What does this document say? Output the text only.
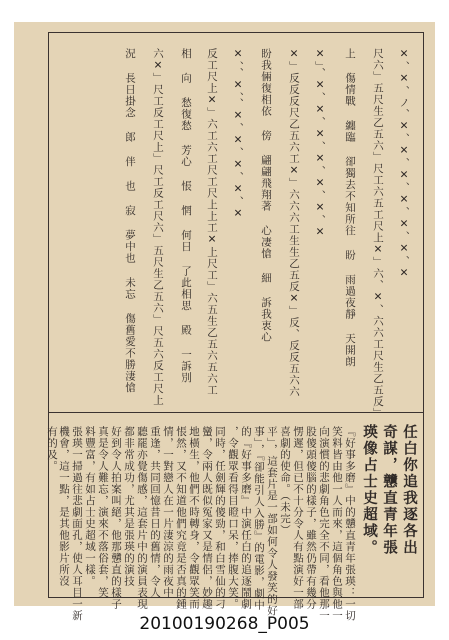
✕、✕、ノ、✕、✕、✕、✕、✕、✕、✕
尺六」五尺生乙五六」尺工六五工尺上✕」六、✕、六六工尺生乙五反」
上 傷情戰 纏臨 卻獨去不知所往 盼 雨過夜靜 天開朗
✕」、✕、✕、✕、✕、✕、✕、✕
✕」反反反尺乙五六工✕」六六六工生生乙五反✕」反、反反五六六
盼我倆復相依 傍 翩翩飛翔著 心凄愴 細 訴我衷心
✕、、✕、、✕、✕、✕、✕、✕
反工尺上✕」六工六工尺工尺上上工✕上尺工」六五生乙五六五六工
相 向 愁復愁 芳心 悵 惘 何日 了此相思 殿 一訴別
六✕」尺工反工尺上」尺工反工尺六」五尺生乙五六」尺五六反工尺上
況 長日掛念 郎 伴 也 寂 夢中也 未忘 傷舊愛不勝淒愴
任白你追我逐各出
奇謀，戇直青年張
瑛像占士史超域。
『好事多磨』中的戇直青年張瑛：一切
笑料皆由他一人而來，這個角色與他一
向演慣的悲劇角色完全不同，看他那一
股傻頭傻腦的樣子，雖然仍帶有幾分
愣遲，但已不十分令人有點演好一部
喜劇的使命。（未完）
平」，這套片是一部如何令人發笑的好
事」，『卻能引人入勝』的電影，劇中
的『好事多磨』中演任白的追逐鬧劇
，令觀眾看得目瞪口呆，捧腹大笑。
同時，任劍輝的傻勁，和白雪仙的刁
蠻，令兩人既似冤家又是情侶，妙趣
地橫生，他們不時轉身，令觀眾笑而
悵然，又不知道他們究竟是否真的鍾
情，一對戀人在一片淒涼的雨夜中
重逢，共同回憶昔日的舊情，令人
聽罷亦覺傷感，這套片中的演員表現
都非常成功，尤其是張瑛的演技
好到令人拍案叫絕，他那戇直的樣子
真是令人難忘，演來不落俗套，笑
料豐富，有如占士史超域一樣。
張瑛一掃過往悲劇面孔，使人耳目一新
機會，這一點，是其他影片所沒
有的及。
20100190268_P005
